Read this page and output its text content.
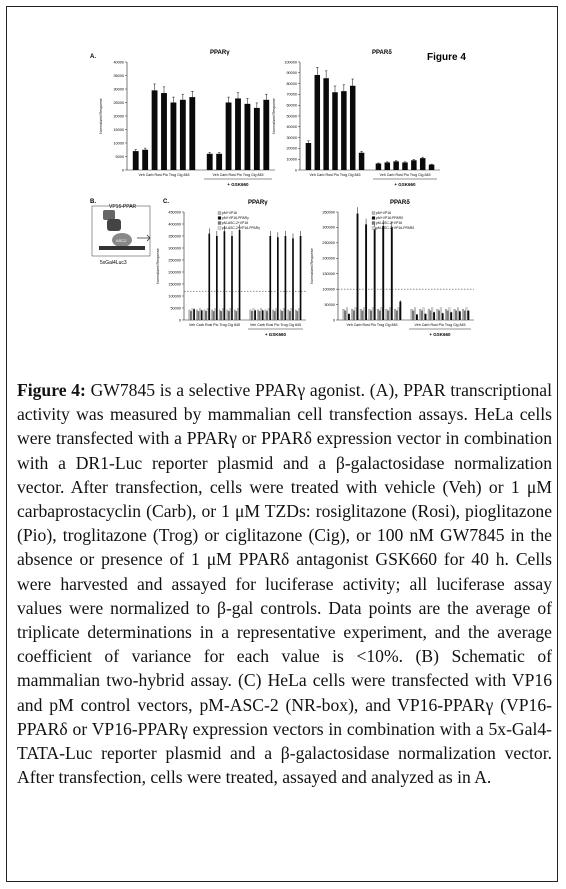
Figure 4
A.
B.	C.
PPARγ
Normalized Response
0
5000
10000
15000
20000
25000
30000
35000
40000
Veh Carb Rosi Pio Trog Cig 845	Veh Carb Rosi Pio Trog Cig 845
+ GSK660
PPARδ
Normalized Response
0
10000
20000
30000
40000
50000
60000
70000
80000
90000
100000
Veh Carb Rosi Pio Trog Cig 845	Veh Carb Rosi Pio Trog Cig 845
+ GSK660
PPARγ
Normalized Response
0
50000
100000
150000
200000
250000
300000
350000
400000
450000
Veh Carb Rosi Pio Trog Cig 845	Veh Carb Rosi Pio Trog Cig 845
+ GSK660
pM+VP16
pM+VP16-PPARγ
pM-ASC-2+VP16
pM-ASC-2+VP16-PPARγ
PPARδ
Normalized Response
0
50000
100000
150000
200000
250000
300000
350000
Veh Carb Rosi Pio Trog Cig 845	Veh Carb Rosi Pio Trog Cig 845
+ GSK660
pM+VP16
pM+VP16-PPARδ
pM-ASC-2+VP16
pM-ASC-2+VP16-PPARδ
VP16-PPAR
ASC2
5xGal4Luc3

Figure 4: GW7845 is a selective PPARγ agonist. (A), PPAR transcriptional activity was measured by mammalian cell transfection assays. HeLa cells were transfected with a PPARγ or PPARδ expression vector in combination with a DR1-Luc reporter plasmid and a β-galactosidase normalization vector. After transfection, cells were treated with vehicle (Veh) or 1 μM carbaprostacyclin (Carb), or 1 μM TZDs: rosiglitazone (Rosi), pioglitazone (Pio), troglitazone (Trog) or ciglitazone (Cig), or 100 nM GW7845 in the absence or presence of 1 μM PPARδ antagonist GSK660 for 40 h. Cells were harvested and assayed for luciferase activity; all luciferase assay values were normalized to β-gal controls. Data points are the average of triplicate determinations in a representative experiment, and the average coefficient of variance for each value is <10%. (B) Schematic of mammalian two-hybrid assay. (C) HeLa cells were transfected with VP16 and pM control vectors, pM-ASC-2 (NR-box), and VP16-PPARγ (VP16-PPARδ or VP16-PPARγ expression vectors in combination with a 5x-Gal4-TATA-Luc reporter plasmid and a β-galactosidase normalization vector. After transfection, cells were treated, assayed and analyzed as in A.
